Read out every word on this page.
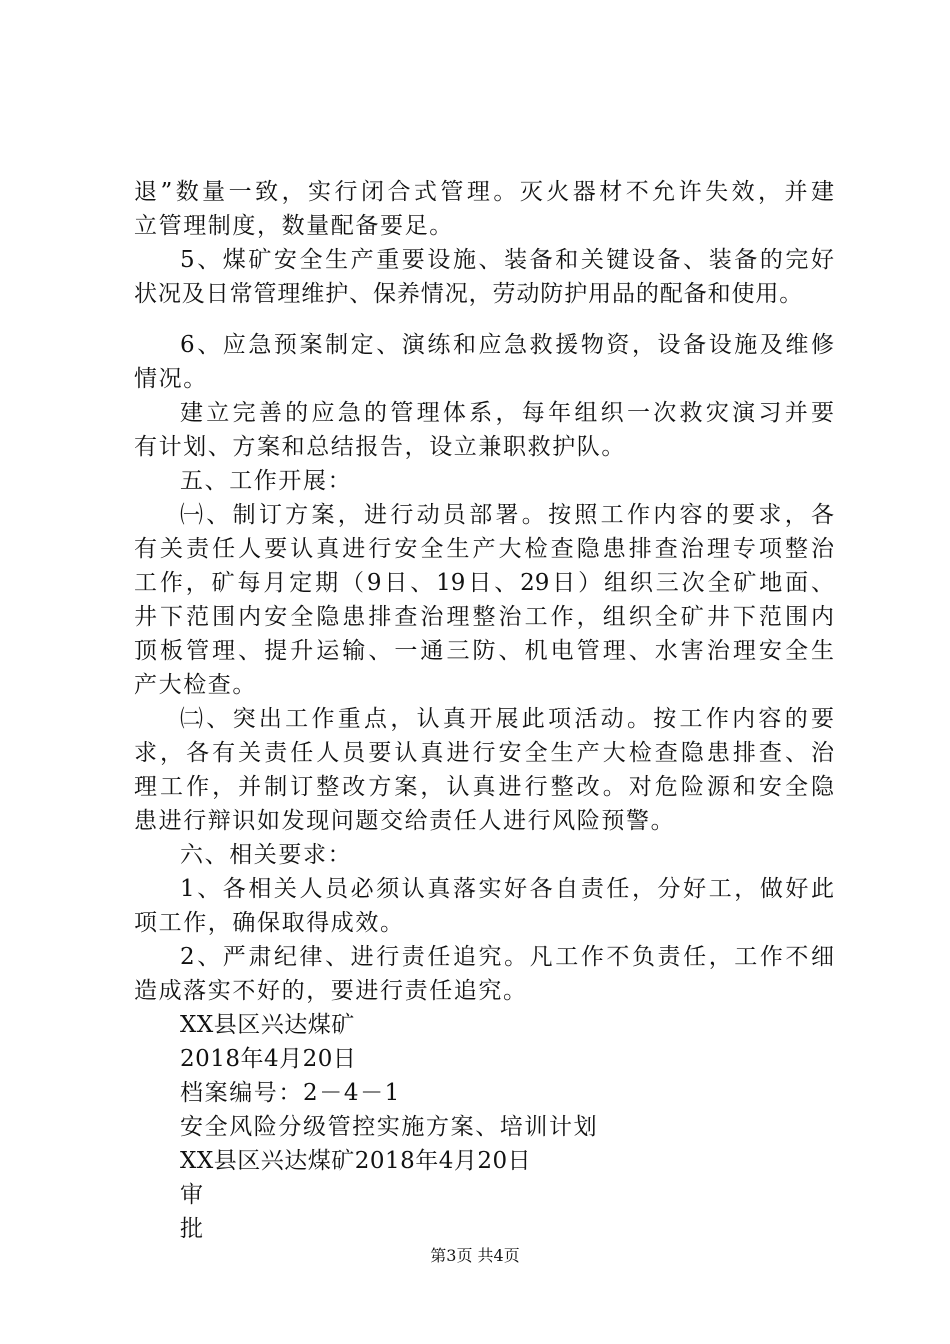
退”数量一致，实行闭合式管理。灭火器材不允许失效，并建
立管理制度，数量配备要足。
5、煤矿安全生产重要设施、装备和关键设备、装备的完好
状况及日常管理维护、保养情况，劳动防护用品的配备和使用。
6、应急预案制定、演练和应急救援物资，设备设施及维修
情况。
建立完善的应急的管理体系，每年组织一次救灾演习并要
有计划、方案和总结报告，设立兼职救护队。
五、工作开展：
㈠、制订方案，进行动员部署。按照工作内容的要求，各
有关责任人要认真进行安全生产大检查隐患排查治理专项整治
工作，矿每月定期（9日、19日、29日）组织三次全矿地面、
井下范围内安全隐患排查治理整治工作，组织全矿井下范围内
顶板管理、提升运输、一通三防、机电管理、水害治理安全生
产大检查。
㈡、突出工作重点，认真开展此项活动。按工作内容的要
求，各有关责任人员要认真进行安全生产大检查隐患排查、治
理工作，并制订整改方案，认真进行整改。对危险源和安全隐
患进行辩识如发现问题交给责任人进行风险预警。
六、相关要求：
1、各相关人员必须认真落实好各自责任，分好工，做好此
项工作，确保取得成效。
2、严肃纪律、进行责任追究。凡工作不负责任，工作不细
造成落实不好的，要进行责任追究。
XX县区兴达煤矿
2018年4月20日
档案编号：2－4－1
安全风险分级管控实施方案、培训计划
XX县区兴达煤矿2018年4月20日
审
批
第3页 共4页
